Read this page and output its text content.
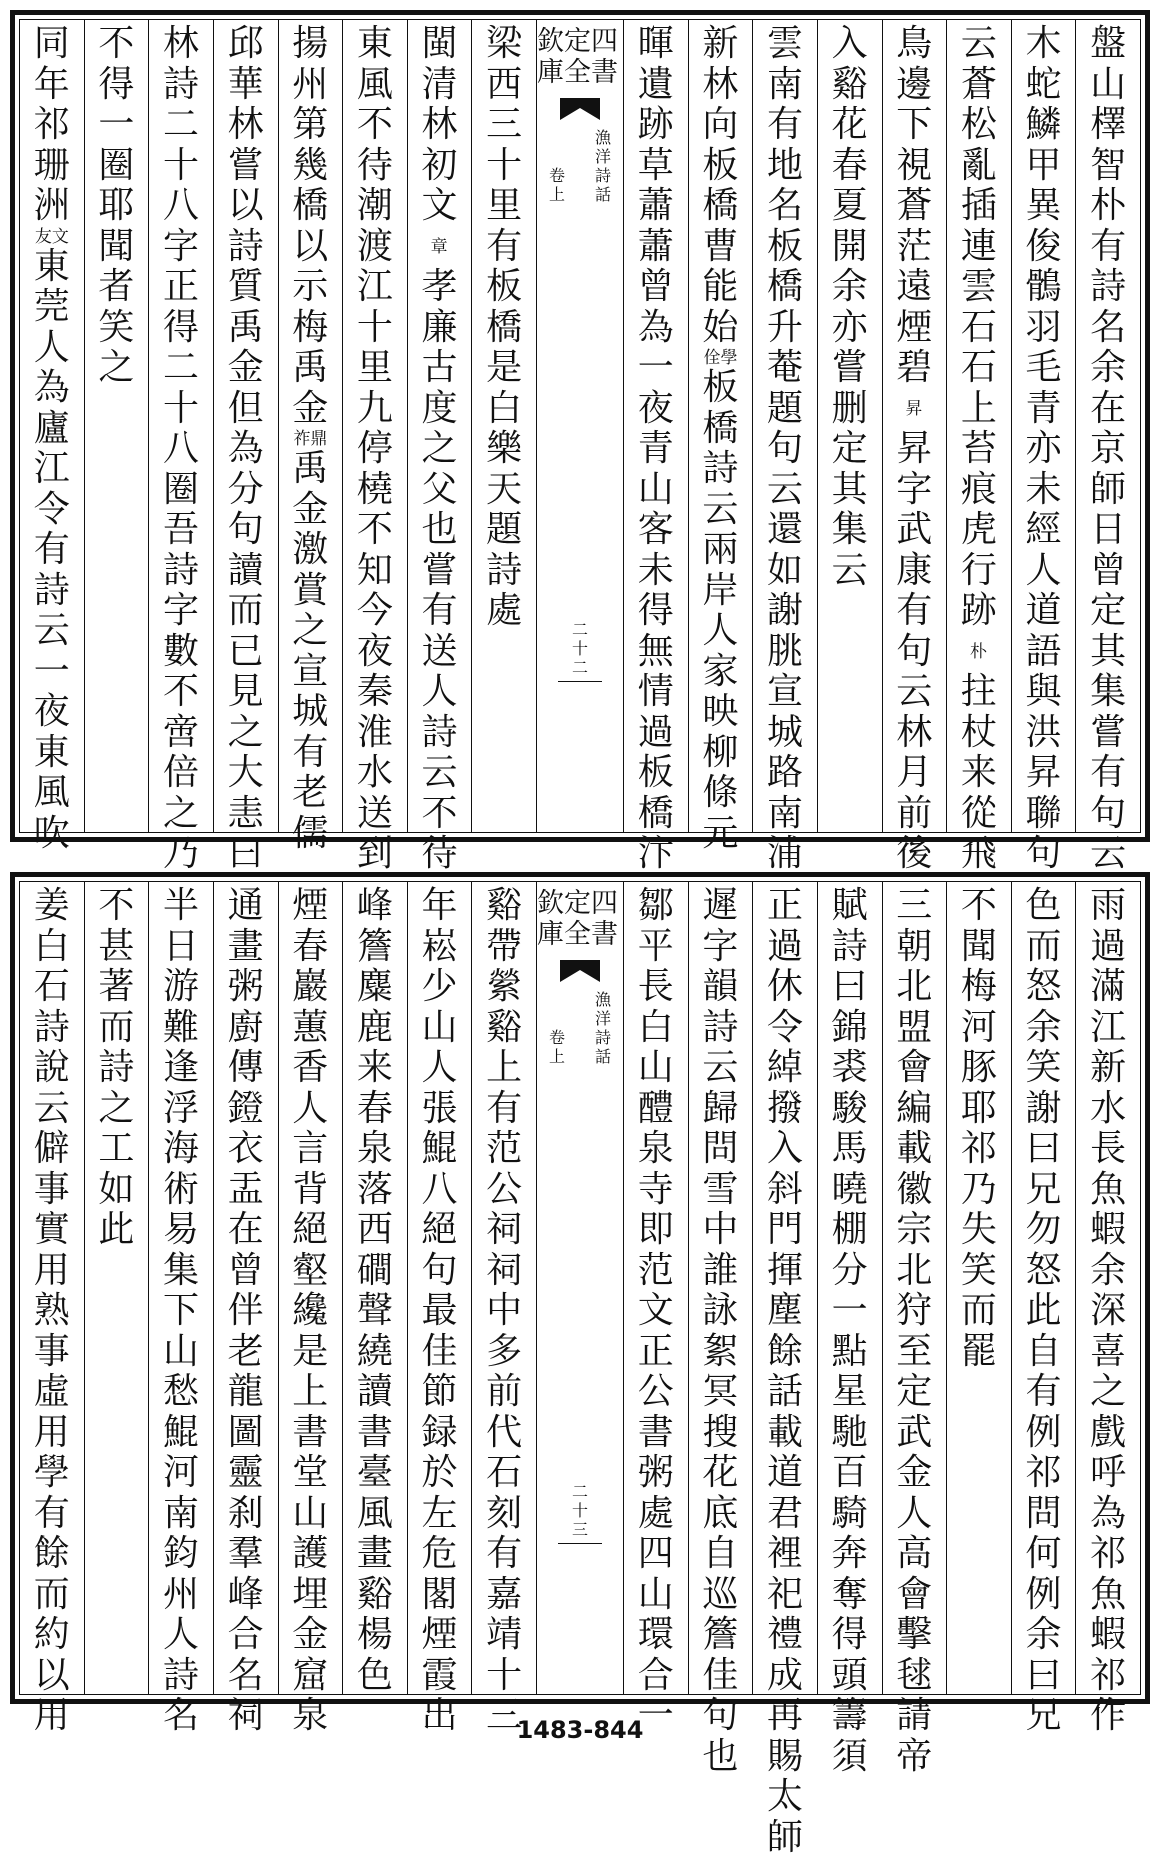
盤
山
檡
智
朴
有
詩
名
余
在
京
師
日
曾
定
其
集
嘗
有
句
云
木
蛇
鱗
甲
異
俊
鶻
羽
毛
青
亦
未
經
人
道
語
與
洪
昇
聯
句
云
蒼
松
亂
插
連
雲
石
石
上
苔
痕
虎
行
跡
朴
拄
杖
来
從
飛
鳥
邊
下
視
蒼
茫
遠
煙
碧
昇
昇
字
武
康
有
句
云
林
月
前
後
入
谿
花
春
夏
開
余
亦
嘗
删
定
其
集
云
雲
南
有
地
名
板
橋
升
菴
題
句
云
還
如
謝
朓
宣
城
路
南
浦
新
林
向
板
橋
曹
能
始
學
佺
板
橋
詩
云
兩
岸
人
家
映
柳
條
元
暉
遺
跡
草
蕭
蕭
曾
為
一
夜
青
山
客
未
得
無
情
過
板
橋
汴
欽定四庫全書
漁
洋
詩
話
卷
上
二
十
二
梁
西
三
十
里
有
板
橋
是
白
樂
天
題
詩
處
閩
清
林
初
文
章
孝
廉
古
度
之
父
也
嘗
有
送
人
詩
云
不
待
東
風
不
待
潮
渡
江
十
里
九
停
橈
不
知
今
夜
秦
淮
水
送
到
揚
州
第
幾
橋
以
示
梅
禹
金
鼎
祚
禹
金
激
賞
之
宣
城
有
老
儒
邱
華
林
嘗
以
詩
質
禹
金
但
為
分
句
讀
而
已
見
之
大
恚
曰
林
詩
二
十
八
字
正
得
二
十
八
圈
吾
詩
字
數
不
啻
倍
之
乃
不
得
一
圈
耶
聞
者
笑
之
同
年
祁
珊
洲
文
友
東
莞
人
為
廬
江
令
有
詩
云
一
夜
東
風
吹
雨
過
滿
江
新
水
長
魚
蝦
余
深
喜
之
戲
呼
為
祁
魚
蝦
祁
作
色
而
怒
余
笑
謝
曰
兄
勿
怒
此
自
有
例
祁
問
何
例
余
曰
兄
不
聞
梅
河
豚
耶
祁
乃
失
笑
而
罷
三
朝
北
盟
會
編
載
徽
宗
北
狩
至
定
武
金
人
高
會
擊
毬
請
帝
賦
詩
曰
錦
裘
駿
馬
曉
棚
分
一
點
星
馳
百
騎
奔
奪
得
頭
籌
須
正
過
休
令
綽
撥
入
斜
門
揮
塵
餘
話
載
道
君
裡
祀
禮
成
再
賜
太
師
遲
字
韻
詩
云
歸
問
雪
中
誰
詠
絮
冥
搜
花
底
自
巡
簷
佳
句
也
鄒
平
長
白
山
醴
泉
寺
即
范
文
正
公
書
粥
處
四
山
環
合
一
欽定四庫全書
漁
洋
詩
話
卷
上
二
十
三
谿
帶
縈
谿
上
有
范
公
祠
祠
中
多
前
代
石
刻
有
嘉
靖
十
三
年
崧
少
山
人
張
鯤
八
絕
句
最
佳
節
録
於
左
危
閣
煙
霞
出
峰
簷
麋
鹿
来
春
泉
落
西
磵
聲
繞
讀
書
臺
風
畫
谿
楊
色
煙
春
巖
蕙
香
人
言
背
絕
壑
纔
是
上
書
堂
山
護
埋
金
窟
泉
通
畫
粥
廚
傳
鐙
衣
盂
在
曾
伴
老
龍
圖
靈
刹
羣
峰
合
名
祠
半
日
游
難
逢
浮
海
術
易
集
下
山
愁
鯤
河
南
鈞
州
人
詩
名
不
甚
著
而
詩
之
工
如
此
姜
白
石
詩
說
云
僻
事
實
用
熟
事
虛
用
學
有
餘
而
約
以
用	1483-844
